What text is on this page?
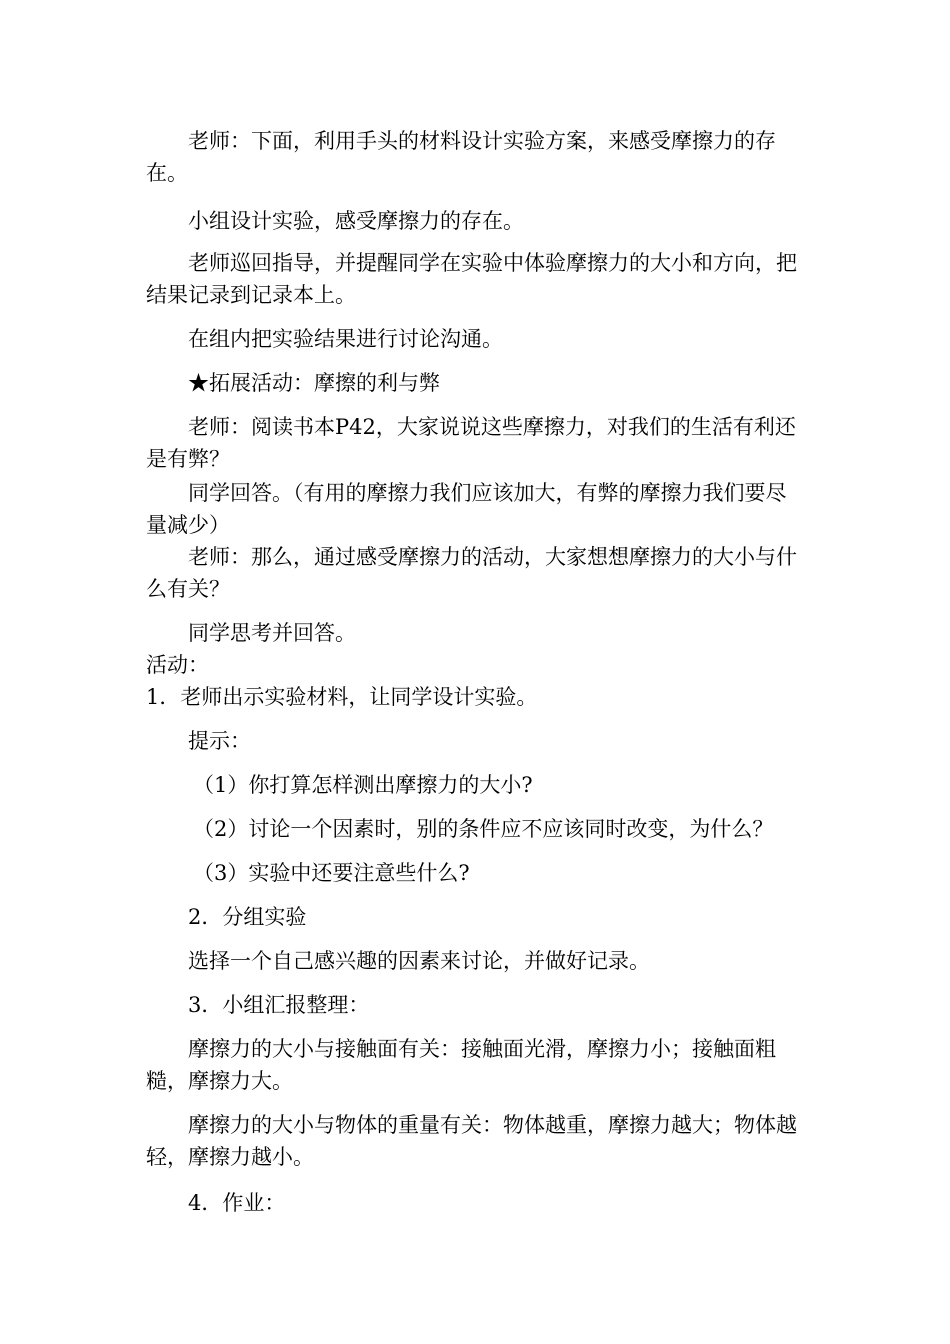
老师：下面，利用手头的材料设计实验方案，来感受摩擦力的存在。

小组设计实验，感受摩擦力的存在。

老师巡回指导，并提醒同学在实验中体验摩擦力的大小和方向，把结果记录到记录本上。

在组内把实验结果进行讨论沟通。

★拓展活动：摩擦的利与弊

老师：阅读书本P42，大家说说这些摩擦力，对我们的生活有利还是有弊？

同学回答。（有用的摩擦力我们应该加大，有弊的摩擦力我们要尽量减少）

老师：那么，通过感受摩擦力的活动，大家想想摩擦力的大小与什么有关？

同学思考并回答。

活动：

1．老师出示实验材料，让同学设计实验。

提示：

（1）你打算怎样测出摩擦力的大小?

（2）讨论一个因素时，别的条件应不应该同时改变，为什么？

（3）实验中还要注意些什么?

2．分组实验

选择一个自己感兴趣的因素来讨论，并做好记录。

3．小组汇报整理：

摩擦力的大小与接触面有关：接触面光滑，摩擦力小；接触面粗糙，摩擦力大。

摩擦力的大小与物体的重量有关：物体越重，摩擦力越大；物体越轻，摩擦力越小。

4．作业：
